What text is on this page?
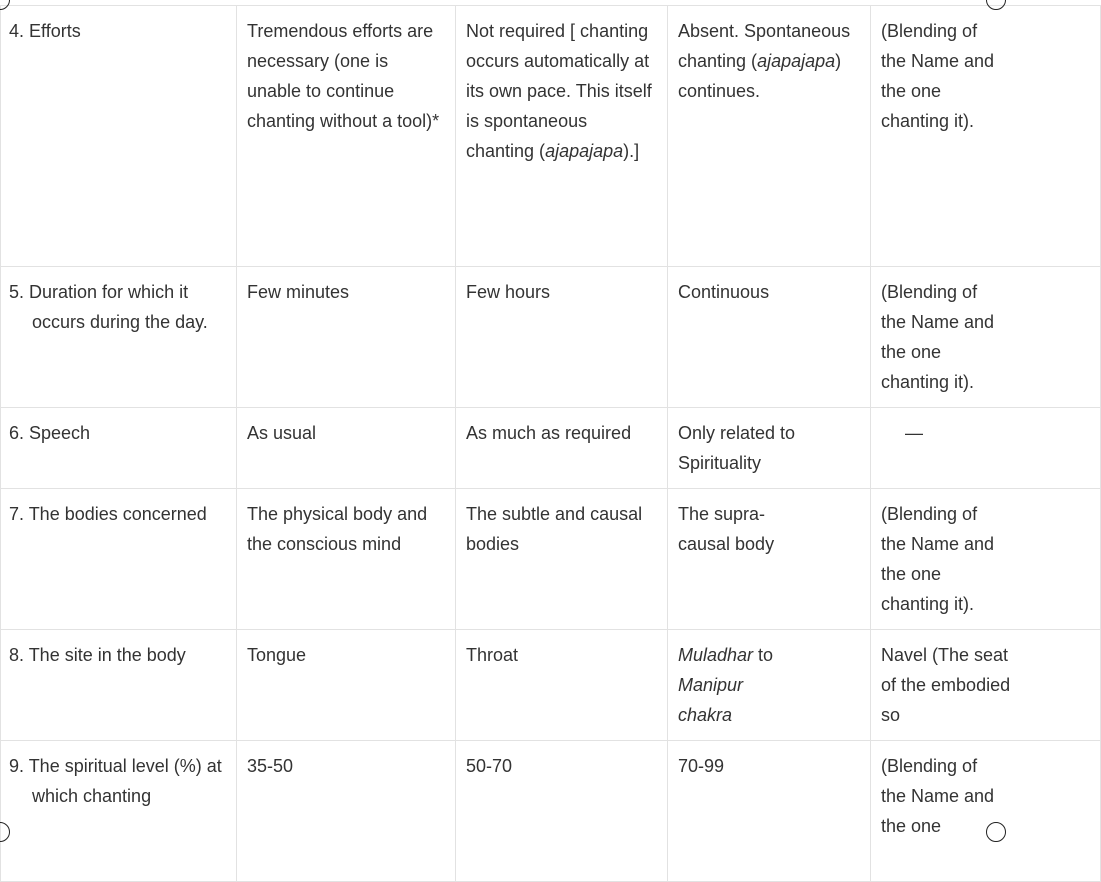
4. Efforts	Tremendous efforts are necessary (one is unable to continue chanting without a tool)*	Not required [ chanting occurs automatically at its own pace. This itself is spontaneous chanting (ajapajapa).]	Absent. Spontaneous chanting (ajapajapa) continues.	(Blending of the Name and the one chanting it).

5. Duration for which it occurs during the day.	Few minutes	Few hours	Continuous	(Blending of the Name and the one chanting it).

6. Speech	As usual	As much as required	Only related to Spirituality	—

7. The bodies concerned	The physical body and the conscious mind	The subtle and causal bodies	The supra-causal body	(Blending of the Name and the one chanting it).

8. The site in the body	Tongue	Throat	Muladhar to Manipur chakra	Navel (The seat of the embodied so

9. The spiritual level (%) at which chanting	35-50	50-70	70-99	(Blending of the Name and the one
